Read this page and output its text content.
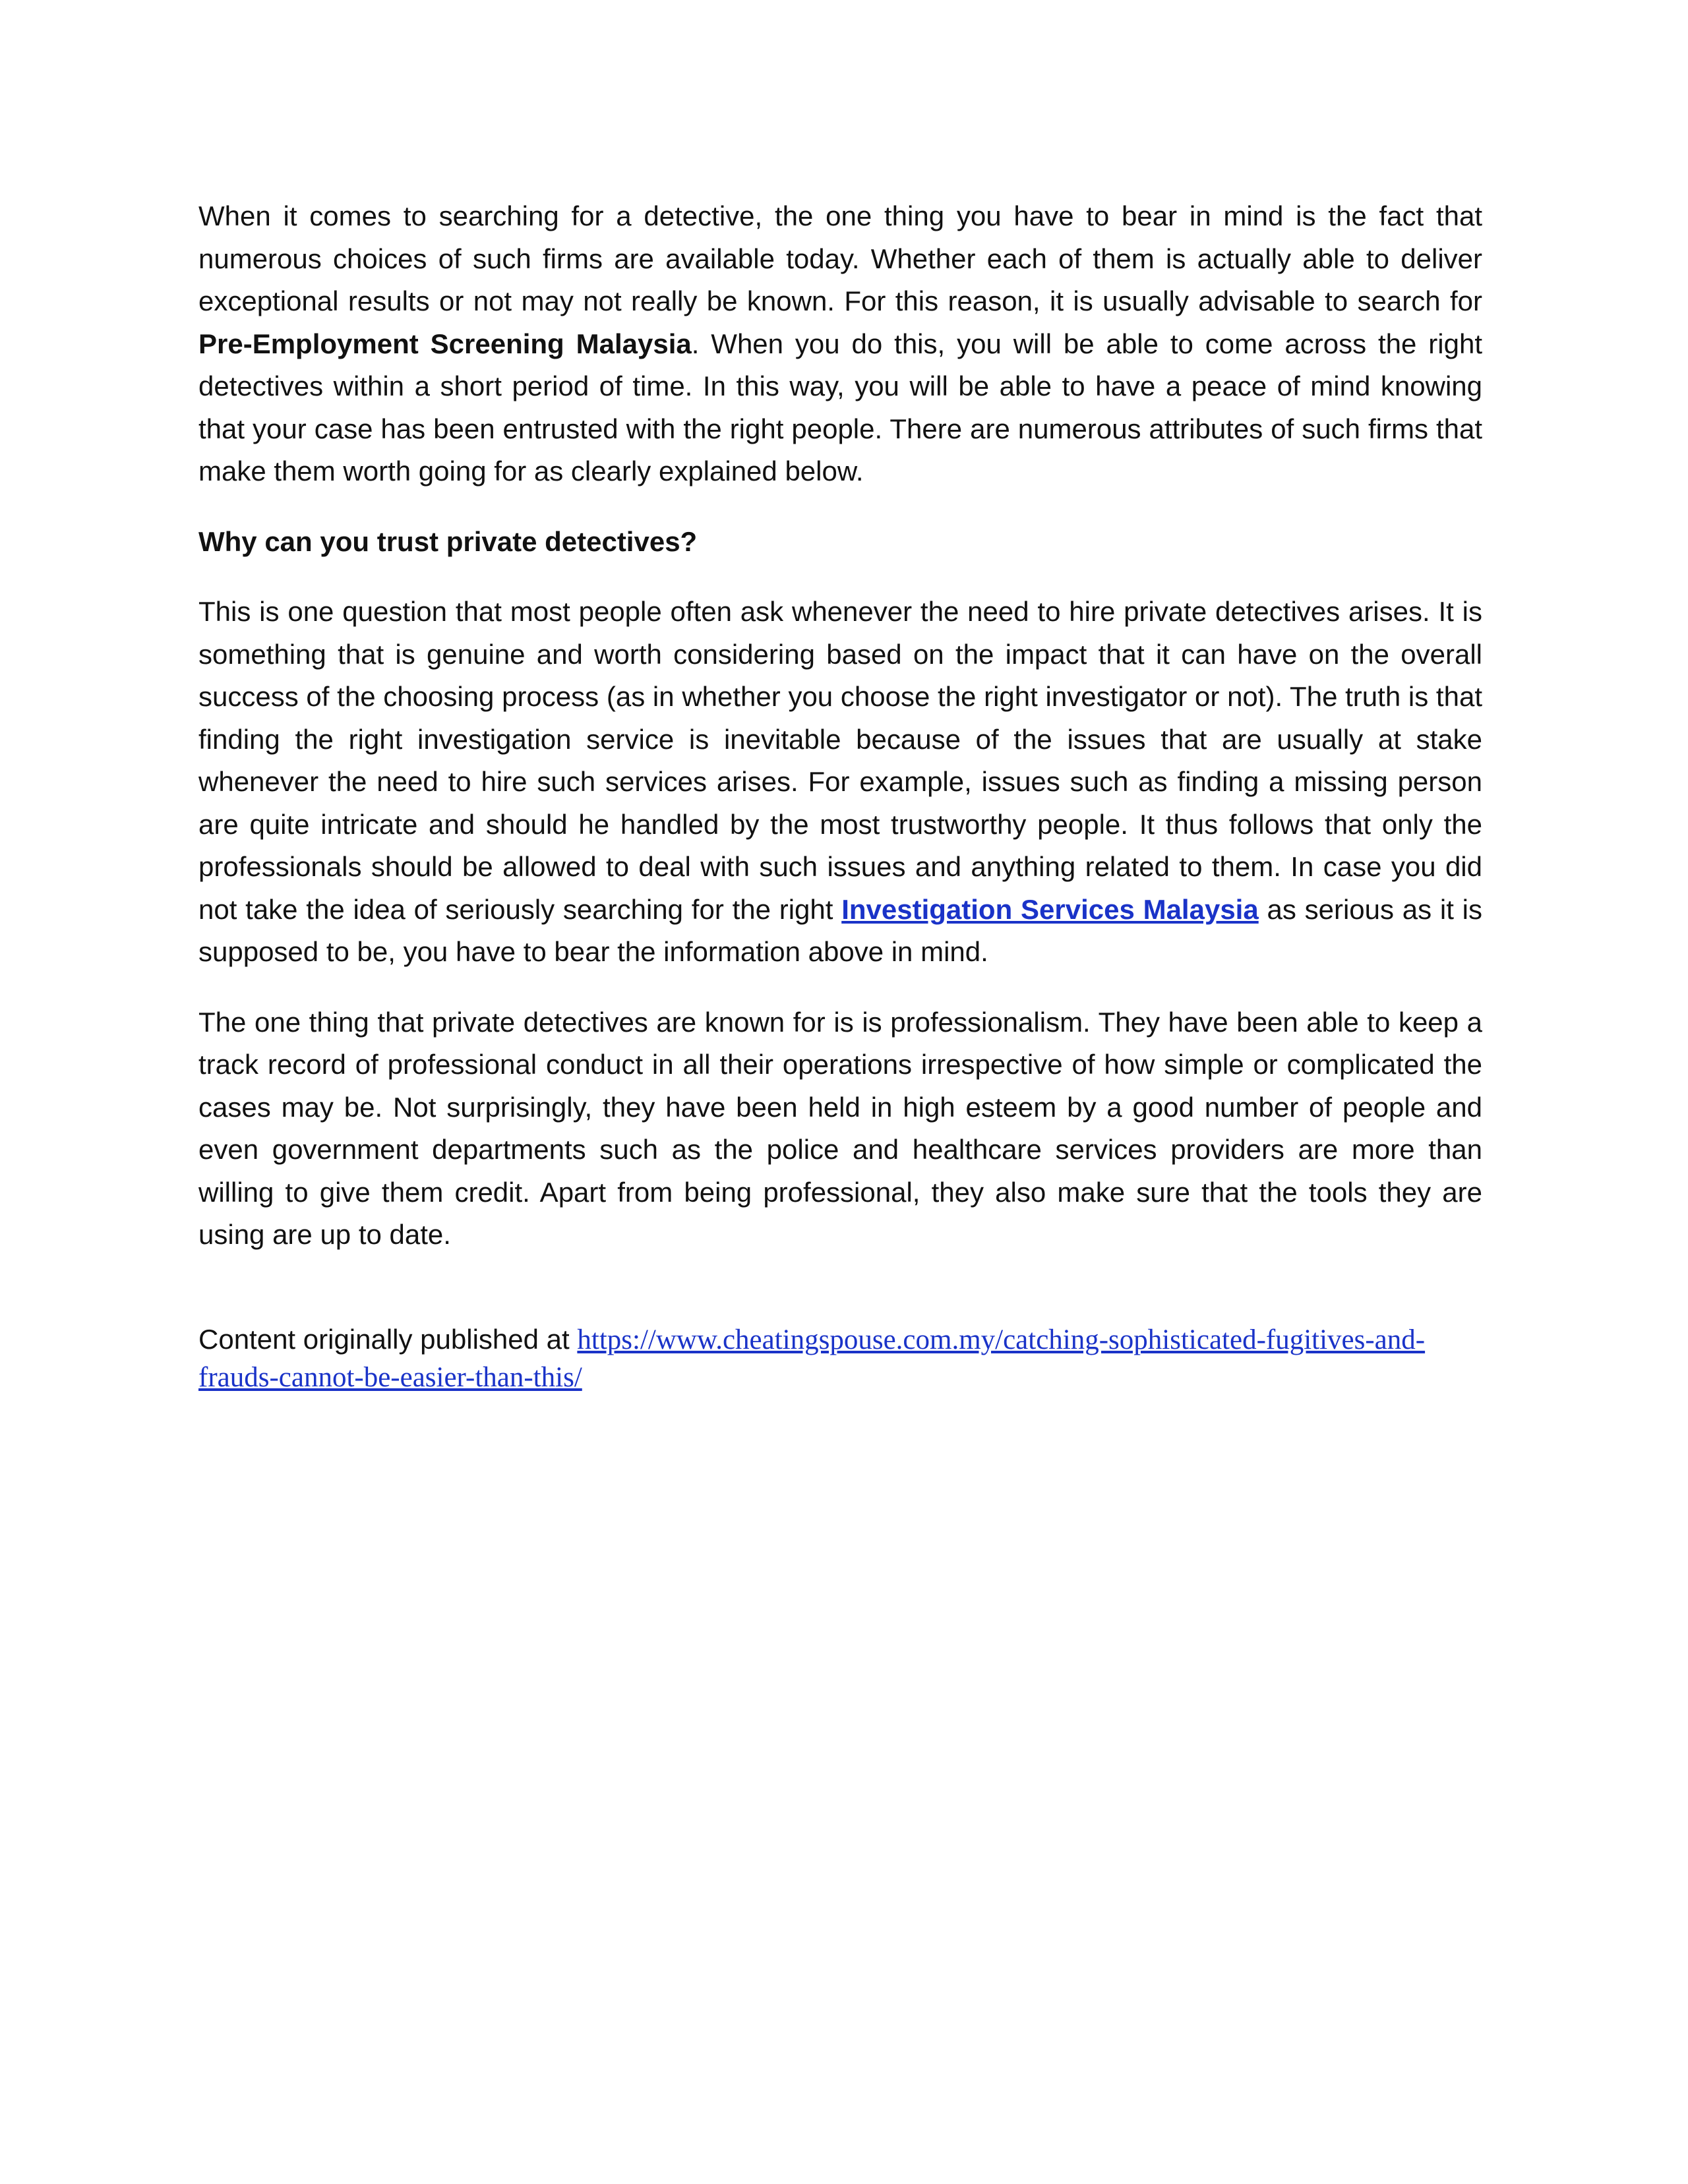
When it comes to searching for a detective, the one thing you have to bear in mind is the fact that numerous choices of such firms are available today. Whether each of them is actually able to deliver exceptional results or not may not really be known. For this reason, it is usually advisable to search for Pre-Employment Screening Malaysia. When you do this, you will be able to come across the right detectives within a short period of time. In this way, you will be able to have a peace of mind knowing that your case has been entrusted with the right people. There are numerous attributes of such firms that make them worth going for as clearly explained below.

Why can you trust private detectives?

This is one question that most people often ask whenever the need to hire private detectives arises. It is something that is genuine and worth considering based on the impact that it can have on the overall success of the choosing process (as in whether you choose the right investigator or not). The truth is that finding the right investigation service is inevitable because of the issues that are usually at stake whenever the need to hire such services arises. For example, issues such as finding a missing person are quite intricate and should he handled by the most trustworthy people. It thus follows that only the professionals should be allowed to deal with such issues and anything related to them. In case you did not take the idea of seriously searching for the right Investigation Services Malaysia as serious as it is supposed to be, you have to bear the information above in mind.

The one thing that private detectives are known for is is professionalism. They have been able to keep a track record of professional conduct in all their operations irrespective of how simple or complicated the cases may be. Not surprisingly, they have been held in high esteem by a good number of people and even government departments such as the police and healthcare services providers are more than willing to give them credit. Apart from being professional, they also make sure that the tools they are using are up to date.

Content originally published at https://www.cheatingspouse.com.my/catching-sophisticated-fugitives-and-frauds-cannot-be-easier-than-this/
